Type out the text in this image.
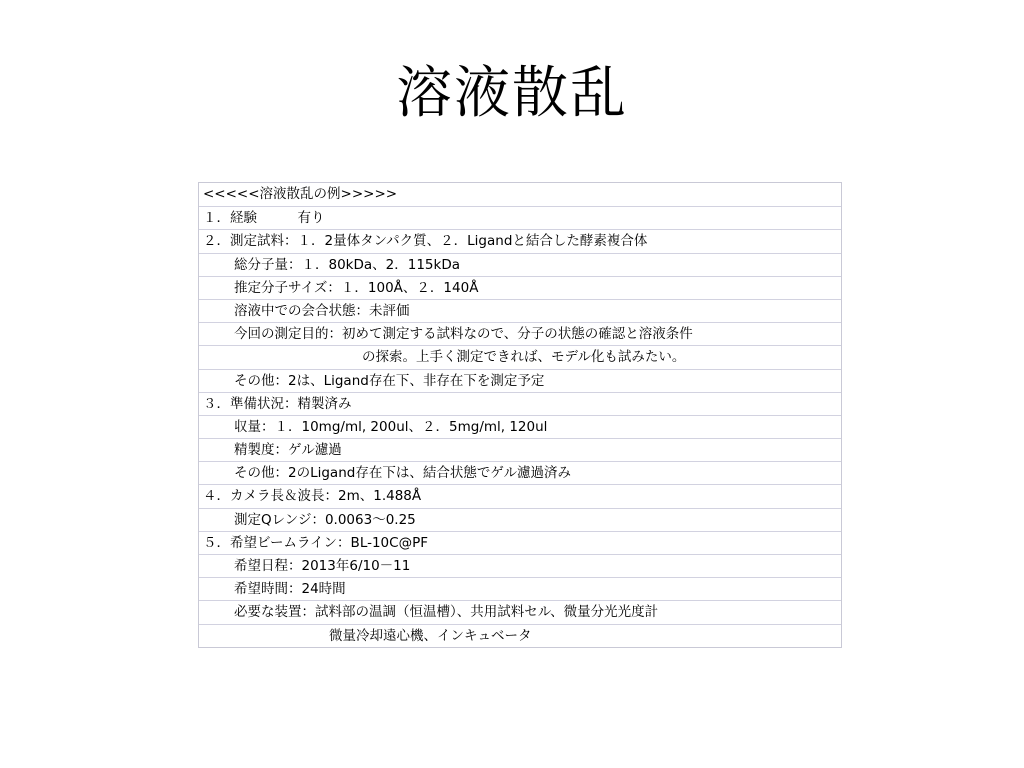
溶液散乱
<<<<<溶液散乱の例>>>>>
１．経験　　　有り
２．測定試料：１．2量体タンパク質、２．Ligandと結合した酵素複合体
総分子量：１．80kDa、2．115kDa
推定分子サイズ：１．100Å、２．140Å
溶液中での会合状態：未評価
今回の測定目的：初めて測定する試料なので、分子の状態の確認と溶液条件
の探索。上手く測定できれば、モデル化も試みたい。
その他：2は、Ligand存在下、非存在下を測定予定
３．準備状況：精製済み
収量：１．10mg/ml, 200ul、２．5mg/ml, 120ul
精製度：ゲル濾過
その他：2のLigand存在下は、結合状態でゲル濾過済み
４．カメラ長＆波長：2m、1.488Å
測定Qレンジ：0.0063～0.25
５．希望ビームライン：BL-10C@PF
希望日程：2013年6/10－11
希望時間：24時間
必要な装置：試料部の温調（恒温槽）、共用試料セル、微量分光光度計
微量冷却遠心機、インキュベータ
